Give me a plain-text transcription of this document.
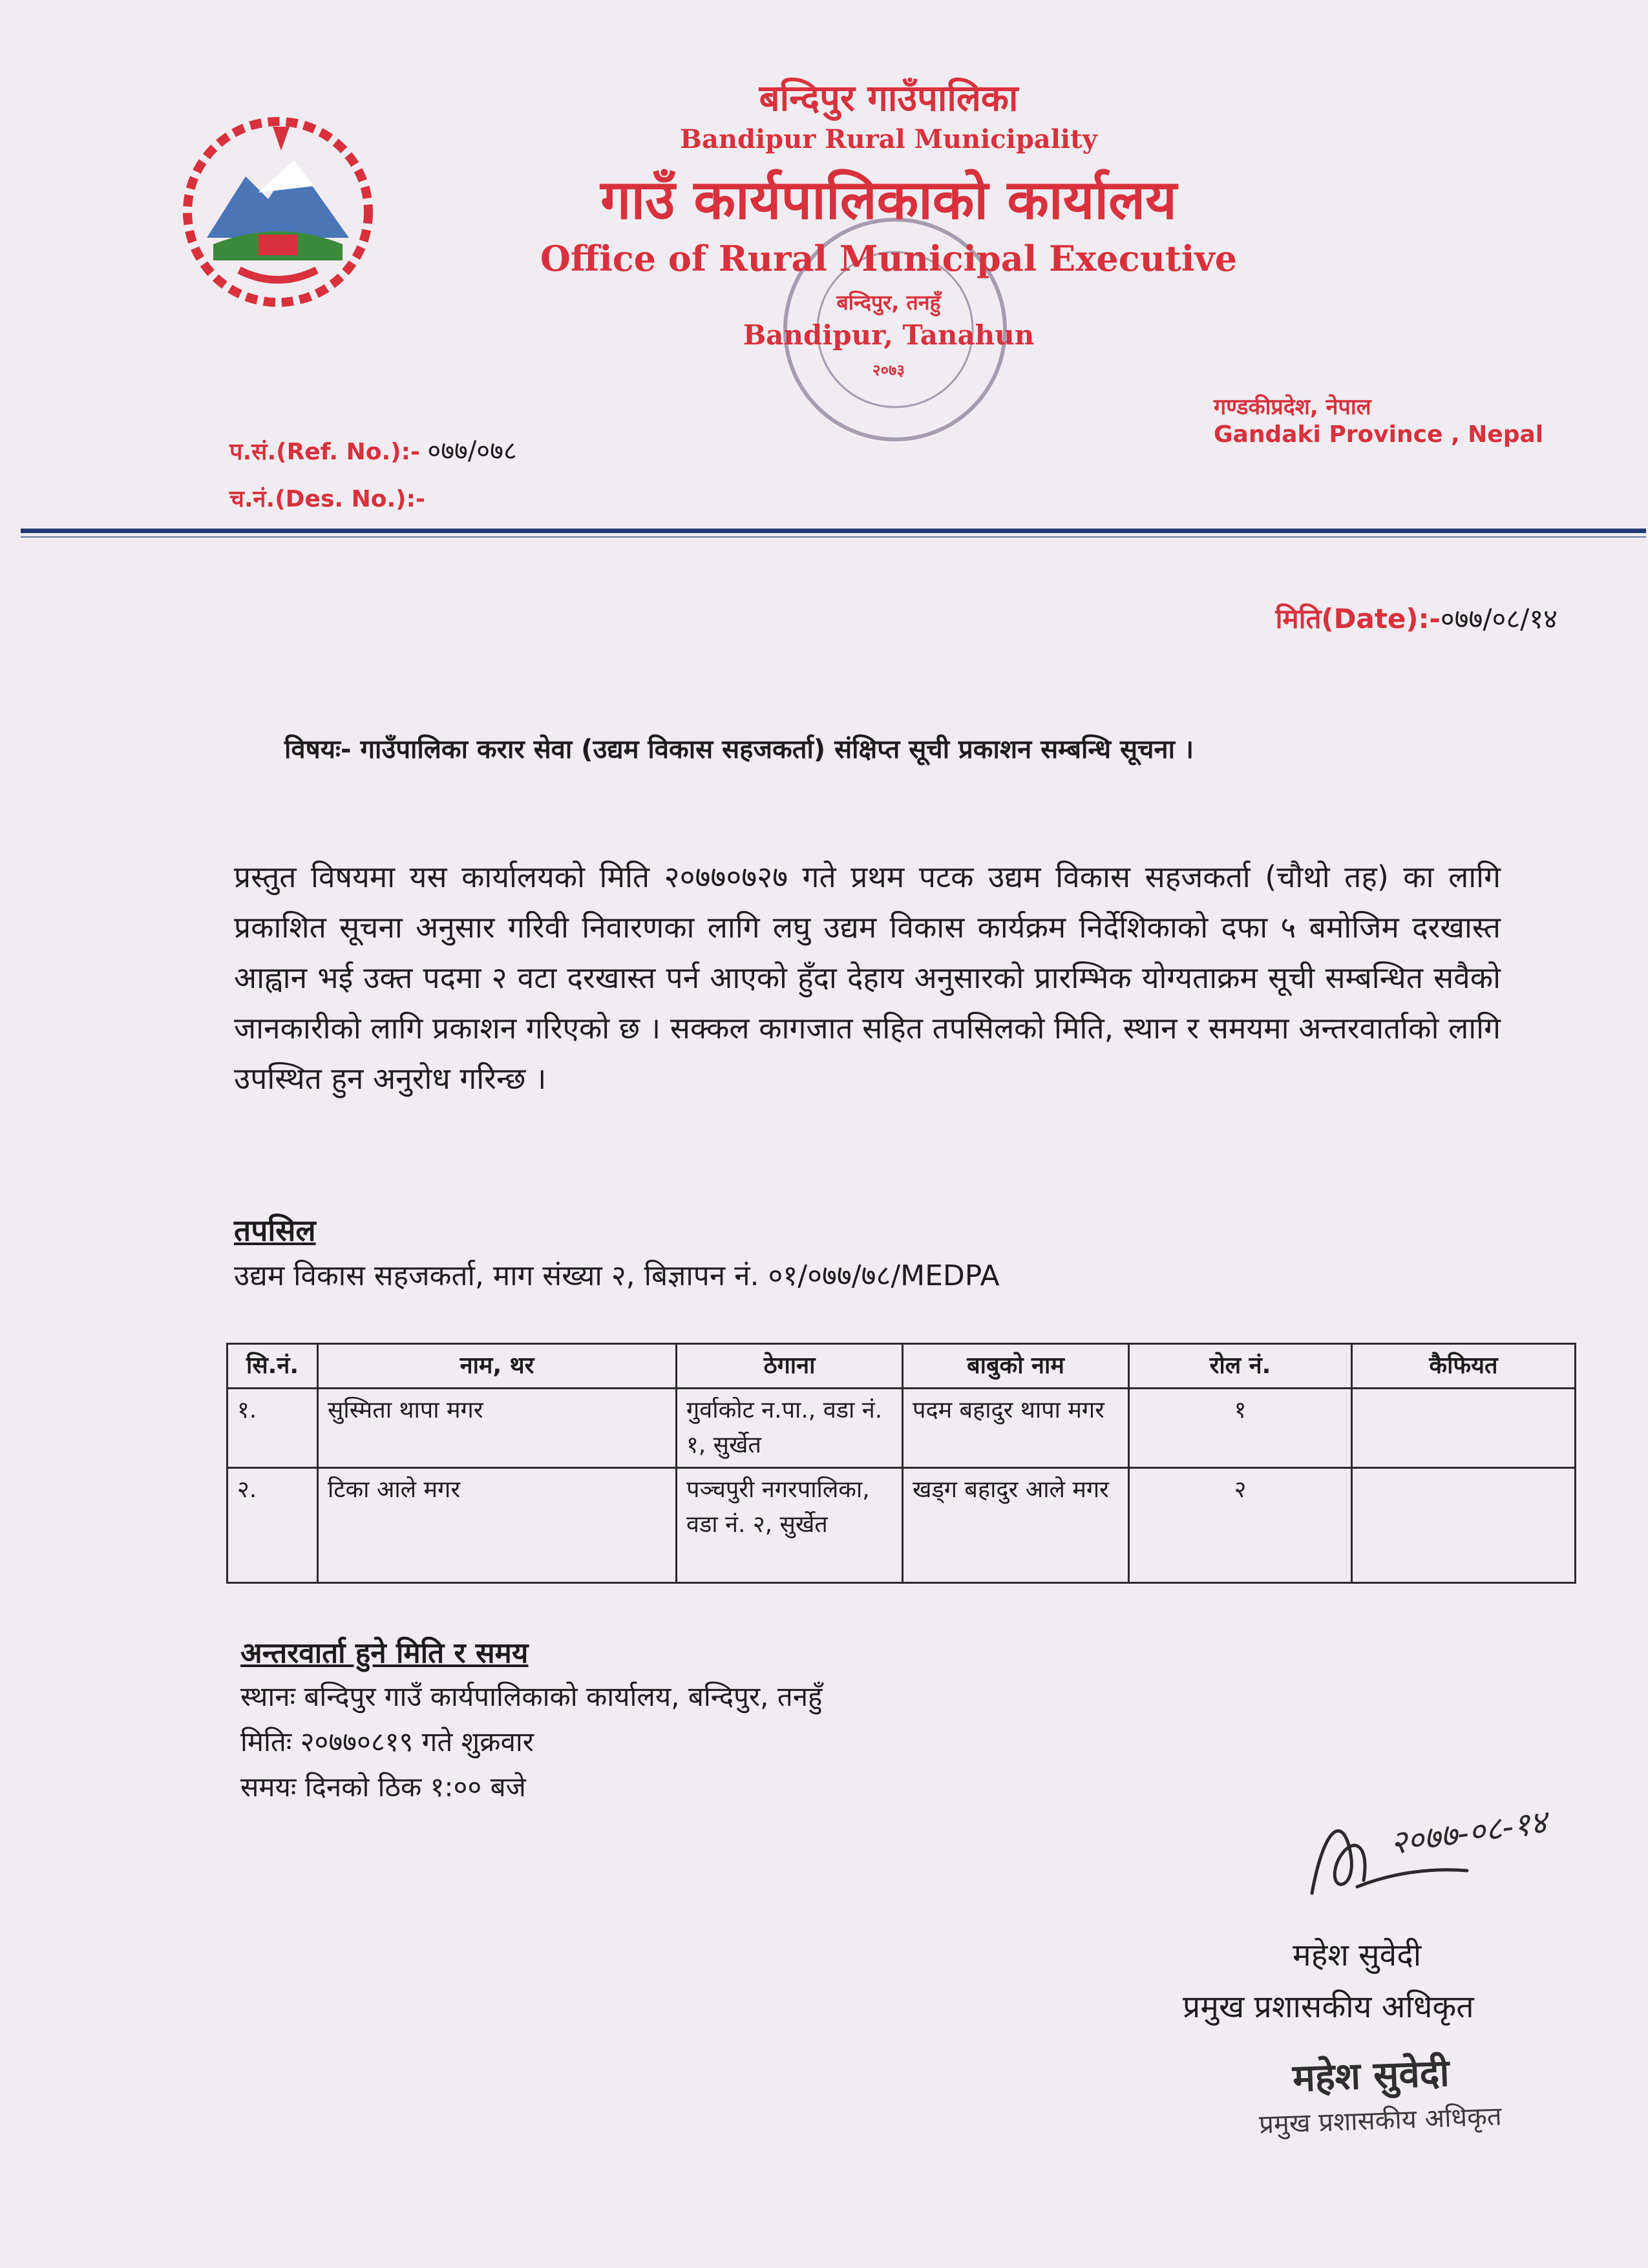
बन्दिपुर गाउँपालिका
Bandipur Rural Municipality
गाउँ कार्यपालिकाको कार्यालय
Office of Rural Municipal Executive
बन्दिपुर, तनहुँ
Bandipur, Tanahun
२०७३
गण्डकीप्रदेश, नेपाल
Gandaki Province , Nepal
प.सं.(Ref. No.):- ०७७/०७८
च.नं.(Des. No.):-
मिति(Date):-०७७/०८/१४
विषयः- गाउँपालिका करार सेवा (उद्यम विकास सहजकर्ता) संक्षिप्त सूची प्रकाशन सम्बन्धि सूचना ।
प्रस्तुत विषयमा यस कार्यालयको मिति २०७७०७२७ गते प्रथम पटक उद्यम विकास सहजकर्ता (चौथो तह) का लागि प्रकाशित सूचना अनुसार गरिवी निवारणका लागि लघु उद्यम विकास कार्यक्रम निर्देशिकाको दफा ५ बमोजिम दरखास्त आह्वान भई उक्त पदमा २ वटा दरखास्त पर्न आएको हुँदा देहाय अनुसारको प्रारम्भिक योग्यताक्रम सूची सम्बन्धित सवैको जानकारीको लागि प्रकाशन गरिएको छ । सक्कल कागजात सहित तपसिलको मिति, स्थान र समयमा अन्तरवार्ताको लागि उपस्थित हुन अनुरोध गरिन्छ ।
तपसिल
उद्यम विकास सहजकर्ता, माग संख्या २, बिज्ञापन नं. ०१/०७७/७८/MEDPA
सि.नं.	नाम, थर	ठेगाना	बाबुको नाम	रोल नं.	कैफियत
१.	सुस्मिता थापा मगर	गुर्वाकोट न.पा., वडा नं. १, सुर्खेत	पदम बहादुर थापा मगर	१	
२.	टिका आले मगर	पञ्चपुरी नगरपालिका, वडा नं. २, सुर्खेत	खड्ग बहादुर आले मगर	२	
अन्तरवार्ता हुने मिति र समय
स्थानः बन्दिपुर गाउँ कार्यपालिकाको कार्यालय, बन्दिपुर, तनहुँ
मितिः २०७७०८१९ गते शुक्रवार
समयः दिनको ठिक १:०० बजे
२०७७-०८-१४
महेश सुवेदी
प्रमुख प्रशासकीय अधिकृत
महेश सुवेदी
प्रमुख प्रशासकीय अधिकृत
